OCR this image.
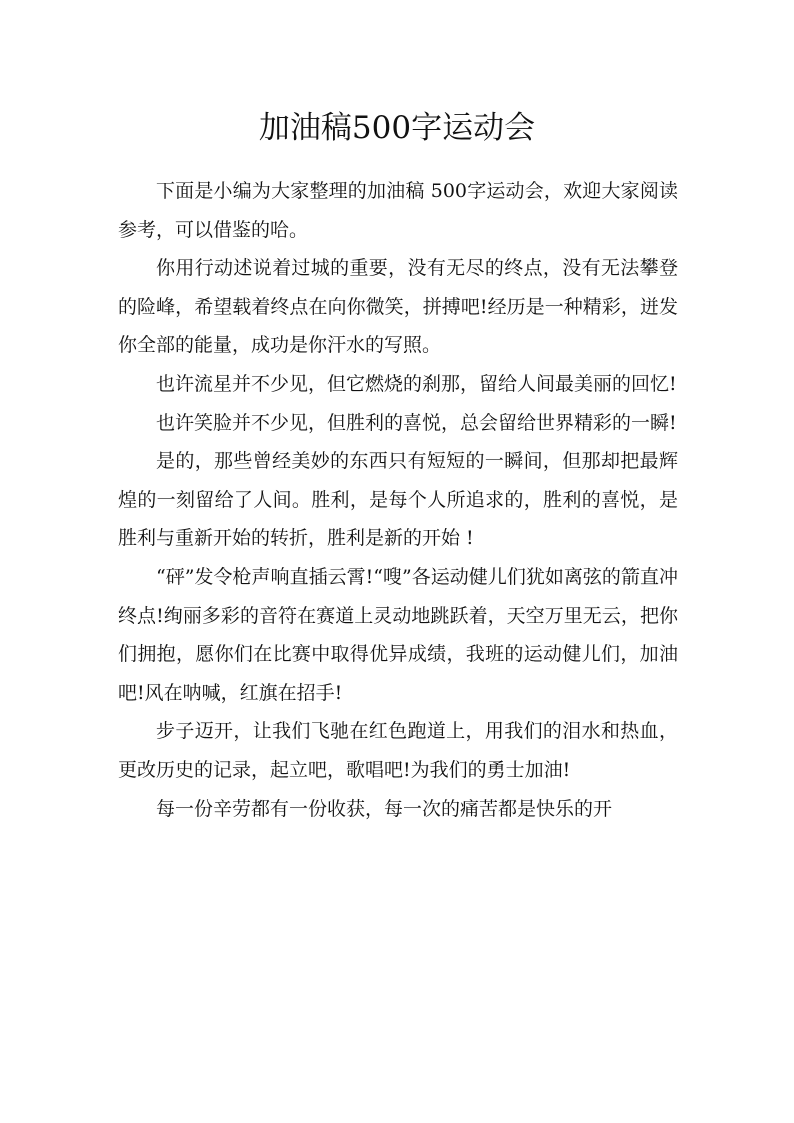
加油稿500字运动会

下面是小编为大家整理的加油稿 500字运动会，欢迎大家阅读参考，可以借鉴的哈。

你用行动述说着过城的重要，没有无尽的终点，没有无法攀登的险峰，希望载着终点在向你微笑，拼搏吧!经历是一种精彩，迸发你全部的能量，成功是你汗水的写照。

也许流星并不少见，但它燃烧的刹那，留给人间最美丽的回忆!

也许笑脸并不少见，但胜利的喜悦，总会留给世界精彩的一瞬!

是的，那些曾经美妙的东西只有短短的一瞬间，但那却把最辉煌的一刻留给了人间。胜利，是每个人所追求的，胜利的喜悦，是胜利与重新开始的转折，胜利是新的开始 !

“砰”发令枪声响直插云霄!“嗖”各运动健儿们犹如离弦的箭直冲终点!绚丽多彩的音符在赛道上灵动地跳跃着，天空万里无云，把你们拥抱，愿你们在比赛中取得优异成绩，我班的运动健儿们，加油吧!风在呐喊，红旗在招手!

步子迈开，让我们飞驰在红色跑道上，用我们的泪水和热血，更改历史的记录，起立吧，歌唱吧!为我们的勇士加油!

每一份辛劳都有一份收获，每一次的痛苦都是快乐的开
